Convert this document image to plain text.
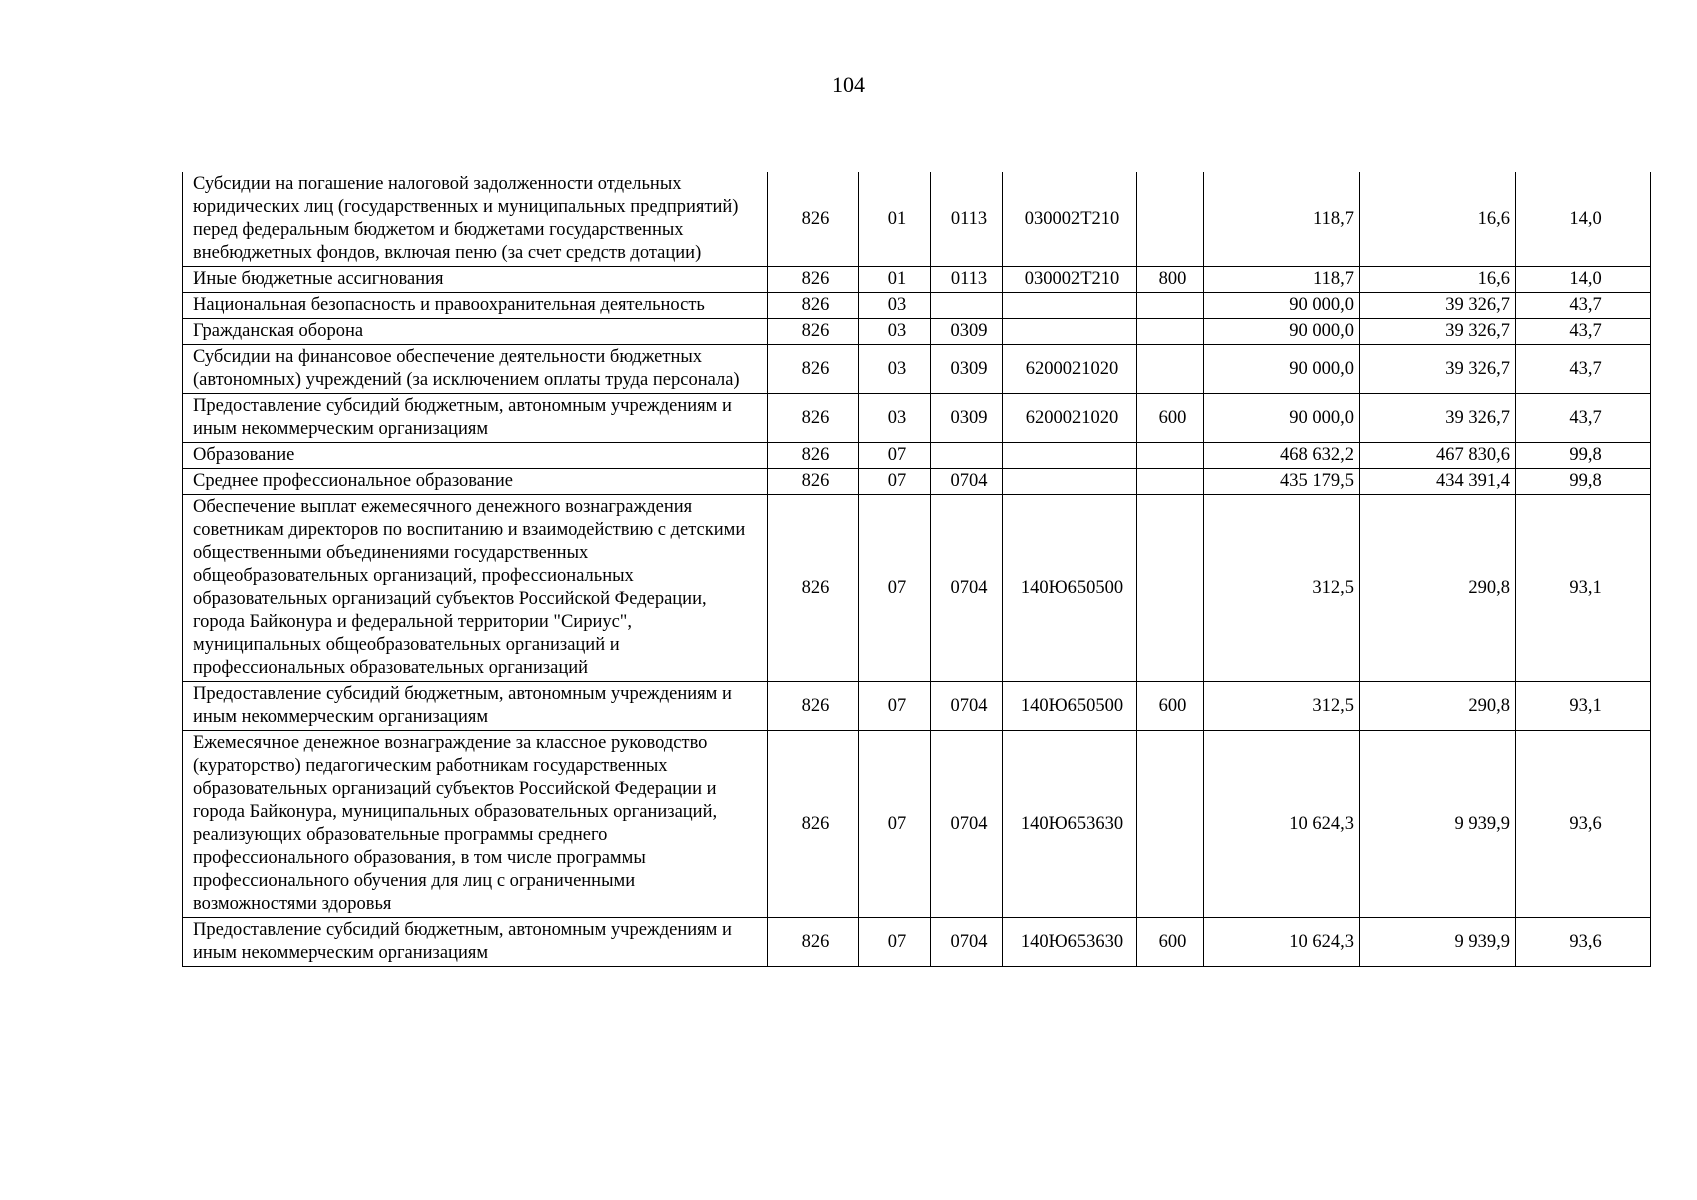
104
Субсидии на погашение налоговой задолженности отдельных юридических лиц (государственных и муниципальных предприятий) перед федеральным бюджетом и бюджетами государственных внебюджетных фондов, включая пеню (за счет средств дотации)	826	01	0113	030002Т210		118,7	16,6	14,0
Иные бюджетные ассигнования	826	01	0113	030002Т210	800	118,7	16,6	14,0
Национальная безопасность и правоохранительная деятельность	826	03				90 000,0	39 326,7	43,7
Гражданская оборона	826	03	0309			90 000,0	39 326,7	43,7
Субсидии на финансовое обеспечение деятельности бюджетных (автономных) учреждений (за исключением оплаты труда персонала)	826	03	0309	6200021020		90 000,0	39 326,7	43,7
Предоставление субсидий бюджетным, автономным учреждениям и иным некоммерческим организациям	826	03	0309	6200021020	600	90 000,0	39 326,7	43,7
Образование	826	07				468 632,2	467 830,6	99,8
Среднее профессиональное образование	826	07	0704			435 179,5	434 391,4	99,8
Обеспечение выплат ежемесячного денежного вознаграждения советникам директоров по воспитанию и взаимодействию с детскими общественными объединениями государственных общеобразовательных организаций, профессиональных образовательных организаций субъектов Российской Федерации, города Байконура и федеральной территории "Сириус", муниципальных общеобразовательных организаций и профессиональных образовательных организаций	826	07	0704	140Ю650500		312,5	290,8	93,1
Предоставление субсидий бюджетным, автономным учреждениям и иным некоммерческим организациям	826	07	0704	140Ю650500	600	312,5	290,8	93,1
Ежемесячное денежное вознаграждение за классное руководство (кураторство) педагогическим работникам государственных образовательных организаций субъектов Российской Федерации и города Байконура, муниципальных образовательных организаций, реализующих образовательные программы среднего профессионального образования, в том числе программы профессионального обучения для лиц с ограниченными возможностями здоровья	826	07	0704	140Ю653630		10 624,3	9 939,9	93,6
Предоставление субсидий бюджетным, автономным учреждениям и иным некоммерческим организациям	826	07	0704	140Ю653630	600	10 624,3	9 939,9	93,6
